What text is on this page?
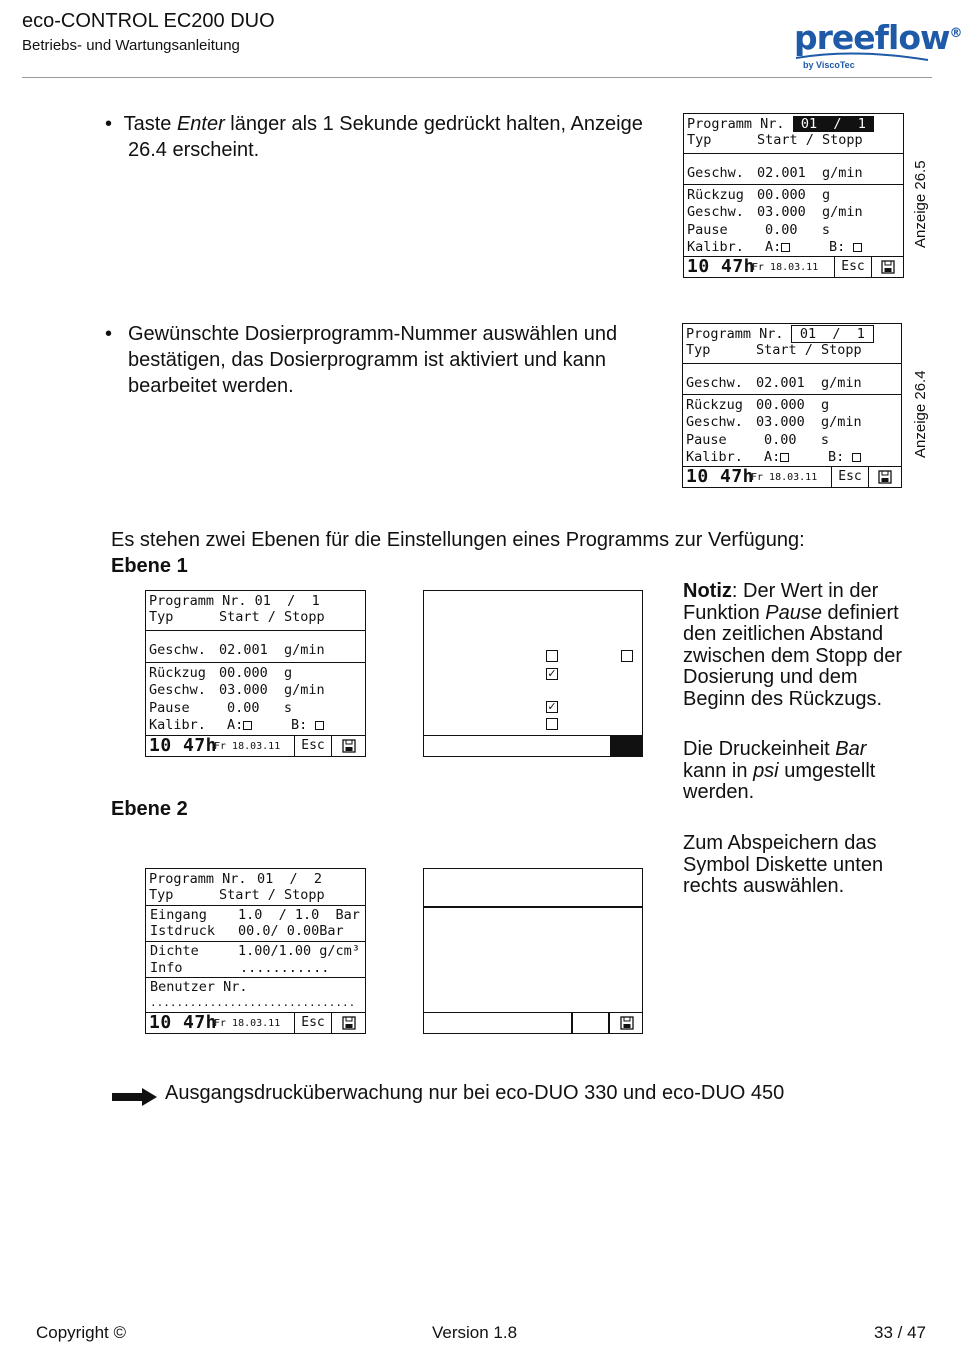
eco-CONTROL EC200 DUO
Betriebs- und Wartungsanleitung	preeflow®
by ViscoTec
• Taste Enter länger als 1 Sekunde gedrückt halten, Anzeige
26.4 erscheint.
Programm Nr.  01  /  1
Typ	Start / Stopp
Geschw. 02.001  g/min
Rückzug 00.000  g
Geschw. 03.000  g/min
Pause	0.00   s
Kalibr. A:	B:
10 47h
Fr 18.03.11	Esc
Anzeige 26.5
• Gewünschte Dosierprogramm-Nummer auswählen und
bestätigen, das Dosierprogramm ist aktiviert und kann
bearbeitet werden.
Programm Nr.  01  /  1
Typ	Start / Stopp
Geschw. 02.001  g/min
Rückzug 00.000  g
Geschw. 03.000  g/min
Pause	0.00   s
Kalibr. A:	B:
10 47h
Fr 18.03.11	Esc
Anzeige 26.4
Es stehen zwei Ebenen für die Einstellungen eines Programms zur Verfügung:
Ebene 1
Programm Nr. 01  /  1
Typ	Start / Stopp
Geschw. 02.001  g/min
Rückzug 00.000  g
Geschw. 03.000  g/min
Pause	0.00   s
Kalibr. A:	B:
10 47h
Fr 18.03.11	Esc
✓
✓
Ebene 2
Programm Nr. 01  /  2
Typ	Start / Stopp
Eingang 1.0  / 1.0  Bar
Istdruck 00.0/ 0.00Bar
Dichte	1.00/1.00 g/cm³
Info	...........
Benutzer Nr.
...............................
10 47h
Fr 18.03.11	Esc
Notiz: Der Wert in der
Funktion Pause definiert
den zeitlichen Abstand
zwischen dem Stopp der
Dosierung und dem
Beginn des Rückzugs.
Die Druckeinheit Bar
kann in psi umgestellt
werden.
Zum Abspeichern das
Symbol Diskette unten
rechts auswählen.
Ausgangsdrucküberwachung nur bei eco-DUO 330 und eco-DUO 450
Copyright ©	Version 1.8	33 / 47
